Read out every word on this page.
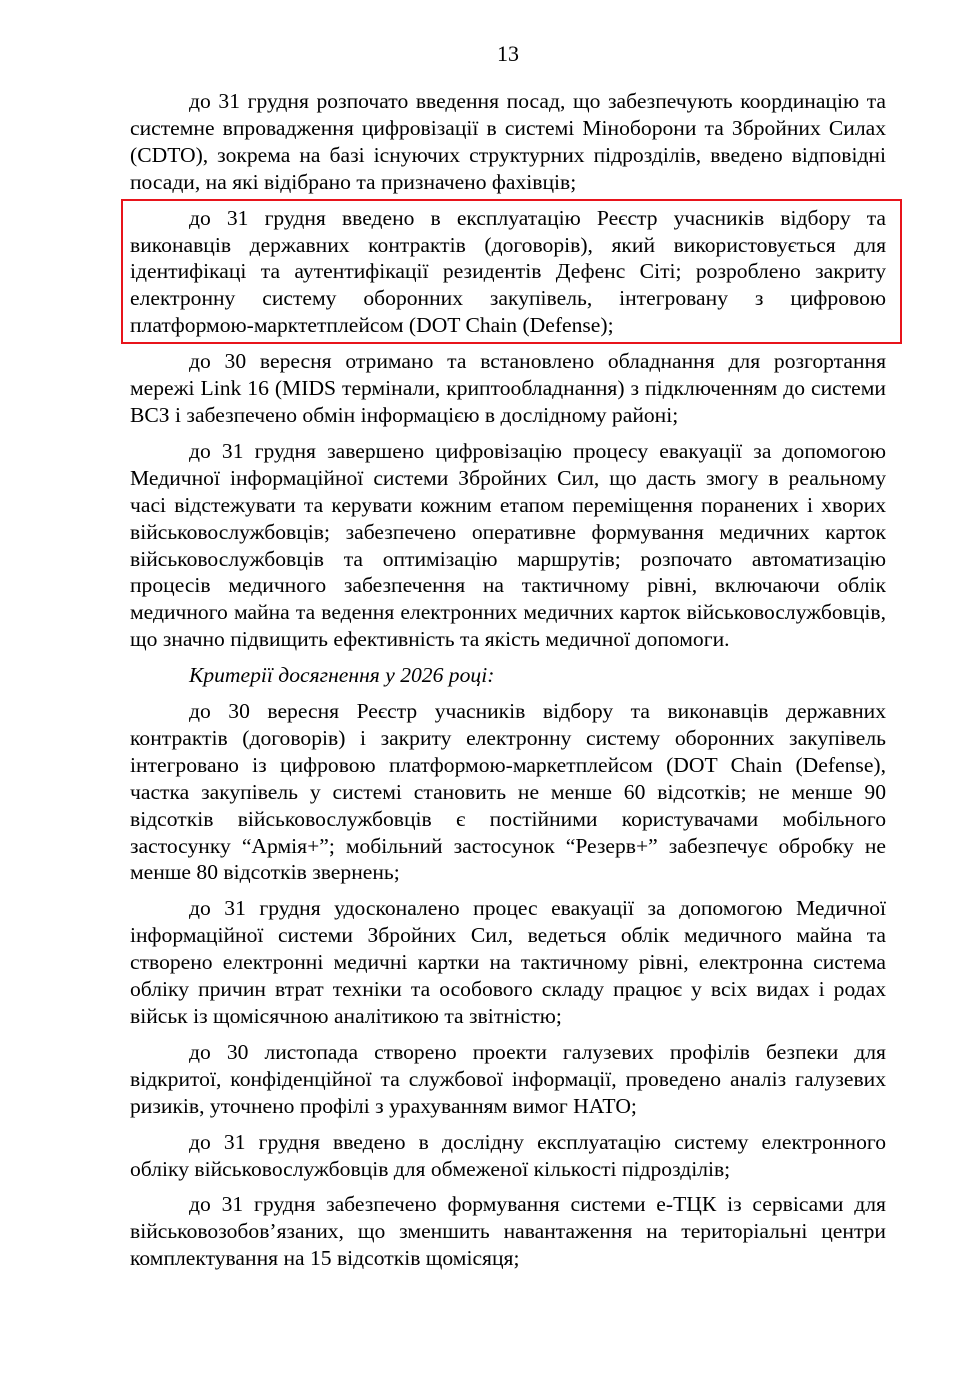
13

до 31 грудня розпочато введення посад, що забезпечують координацію та системне впровадження цифровізації в системі Міноборони та Збройних Силах (CDTO), зокрема на базі існуючих структурних підрозділів, введено відповідні посади, на які відібрано та призначено фахівців;

до 31 грудня введено в експлуатацію Реєстр учасників відбору та виконавців державних контрактів (договорів), який використовується для ідентифікаці та аутентифікації резидентів Дефенс Сіті; розроблено закриту електронну систему оборонних закупівель, інтегровану з цифровою платформою-марктетплейсом (DOT Chain (Defense);

до 30 вересня отримано та встановлено обладнання для розгортання мережі Link 16 (MIDS термінали, криптообладнання) з підключенням до системи ВСЗ і забезпечено обмін інформацією в дослідному районі;

до 31 грудня завершено цифровізацію процесу евакуації за допомогою Медичної інформаційної системи Збройних Сил, що дасть змогу в реальному часі відстежувати та керувати кожним етапом переміщення поранених і хворих військовослужбовців; забезпечено оперативне формування медичних карток військовослужбовців та оптимізацію маршрутів; розпочато автоматизацію процесів медичного забезпечення на тактичному рівні, включаючи облік медичного майна та ведення електронних медичних карток військовослужбовців, що значно підвищить ефективність та якість медичної допомоги.

Критерії досягнення у 2026 році:

до 30 вересня Реєстр учасників відбору та виконавців державних контрактів (договорів) і закриту електронну систему оборонних закупівель інтегровано із цифровою платформою-маркетплейсом (DOT Chain (Defense), частка закупівель у системі становить не менше 60 відсотків; не менше 90 відсотків військовослужбовців є постійними користувачами мобільного застосунку “Армія+”; мобільний застосунок “Резерв+” забезпечує обробку не менше 80 відсотків звернень;

до 31 грудня удосконалено процес евакуації за допомогою Медичної інформаційної системи Збройних Сил, ведеться облік медичного майна та створено електронні медичні картки на тактичному рівні, електронна система обліку причин втрат техніки та особового складу працює у всіх видах і родах військ із щомісячною аналітикою та звітністю;

до 30 листопада створено проекти галузевих профілів безпеки для відкритої, конфіденційної та службової інформації, проведено аналіз галузевих ризиків, уточнено профілі з урахуванням вимог НАТО;

до 31 грудня введено в дослідну експлуатацію систему електронного обліку військовослужбовців для обмеженої кількості підрозділів;

до 31 грудня забезпечено формування системи е-ТЦК із сервісами для військовозобов’язаних, що зменшить навантаження на територіальні центри комплектування на 15 відсотків щомісяця;
